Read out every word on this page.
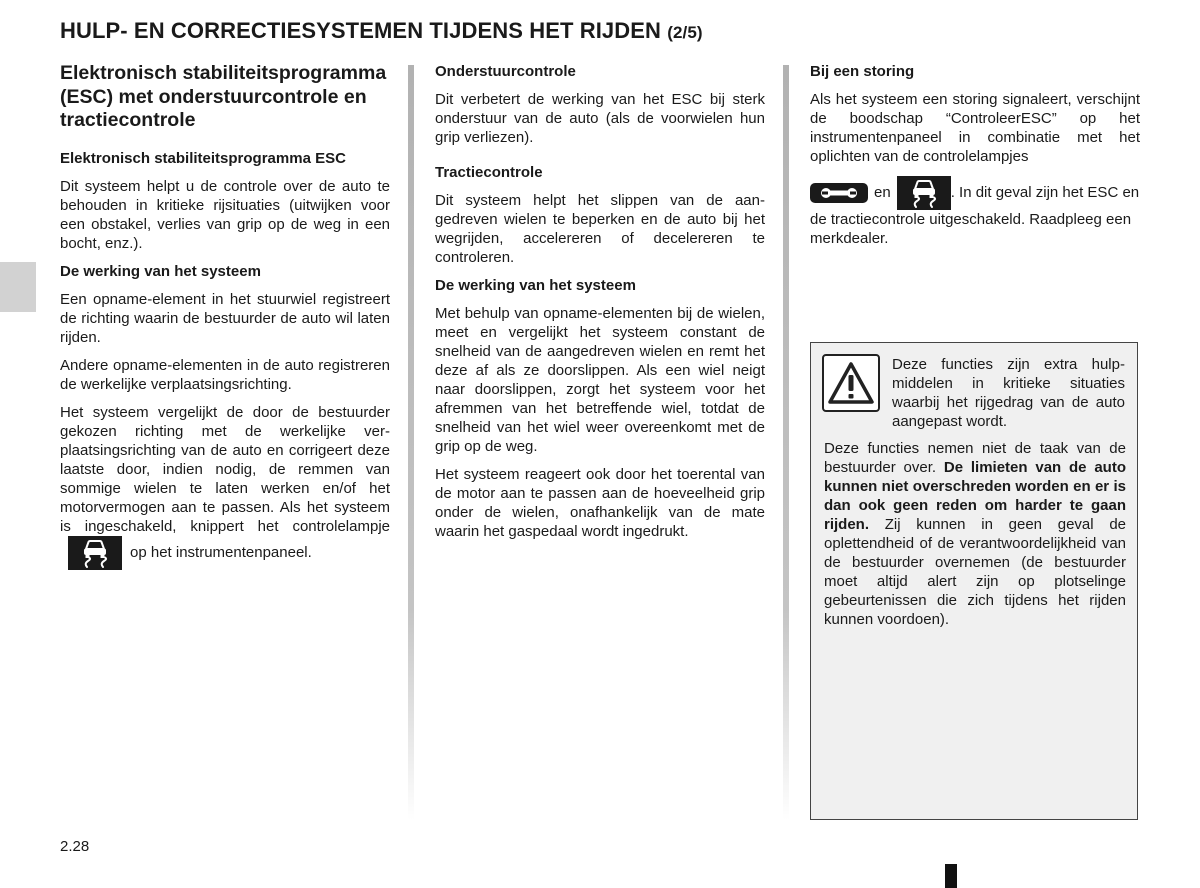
HULP- EN CORRECTIESYSTEMEN TIJDENS HET RIJDEN (2/5)
Elektronisch stabiliteitsprogramma (ESC) met onderstuurcontrole en tractiecontrole
Elektronisch stabiliteitsprogramma ESC

Dit systeem helpt u de controle over de auto te behouden in kritieke rijsituaties (uitwijken voor een obstakel, verlies van grip op de weg in een bocht, enz.).

De werking van het systeem

Een opname-element in het stuurwiel registreert de richting waarin de bestuurder de auto wil laten rijden.

Andere opname-elementen in de auto registreren de werkelijke verplaatsingsrichting.

Het systeem vergelijkt de door de bestuurder gekozen richting met de werkelijke verplaatsingsrichting van de auto en corrigeert deze laatste door, indien nodig, de remmen van sommige wielen te laten werken en/of het motorvermogen aan te passen. Als het systeem is ingeschakeld, knippert het controlelampje
op het instrumentenpaneel.

Onderstuurcontrole

Dit verbetert de werking van het ESC bij sterk onderstuur van de auto (als de voorwielen hun grip verliezen).

Tractiecontrole

Dit systeem helpt het slippen van de aangedreven wielen te beperken en de auto bij het wegrijden, accelereren of decelereren te controleren.

De werking van het systeem

Met behulp van opname-elementen bij de wielen, meet en vergelijkt het systeem constant de snelheid van de aangedreven wielen en remt het deze af als ze doorslippen. Als een wiel neigt naar doorslippen, zorgt het systeem voor het afremmen van het betreffende wiel, totdat de snelheid van het wiel weer overeenkomt met de grip op de weg.

Het systeem reageert ook door het toerental van de motor aan te passen aan de hoeveelheid grip onder de wielen, onafhankelijk van de mate waarin het gaspedaal wordt ingedrukt.

Bij een storing

Als het systeem een storing signaleert, verschijnt de boodschap “ControleerESC” op het instrumentenpaneel in combinatie met het oplichten van de controlelampjes

en	. In dit geval zijn het ESC en de tractiecontrole uitgeschakeld. Raadpleeg een merkdealer.

Deze functies zijn extra hulpmiddelen in kritieke situaties waarbij het rijgedrag van de auto aangepast wordt.

Deze functies nemen niet de taak van de bestuurder over. De limieten van de auto kunnen niet overschreden worden en er is dan ook geen reden om harder te gaan rijden. Zij kunnen in geen geval de oplettendheid of de verantwoordelijkheid van de bestuurder overnemen (de bestuurder moet altijd alert zijn op plotselinge gebeurtenissen die zich tijdens het rijden kunnen voordoen).

2.28
